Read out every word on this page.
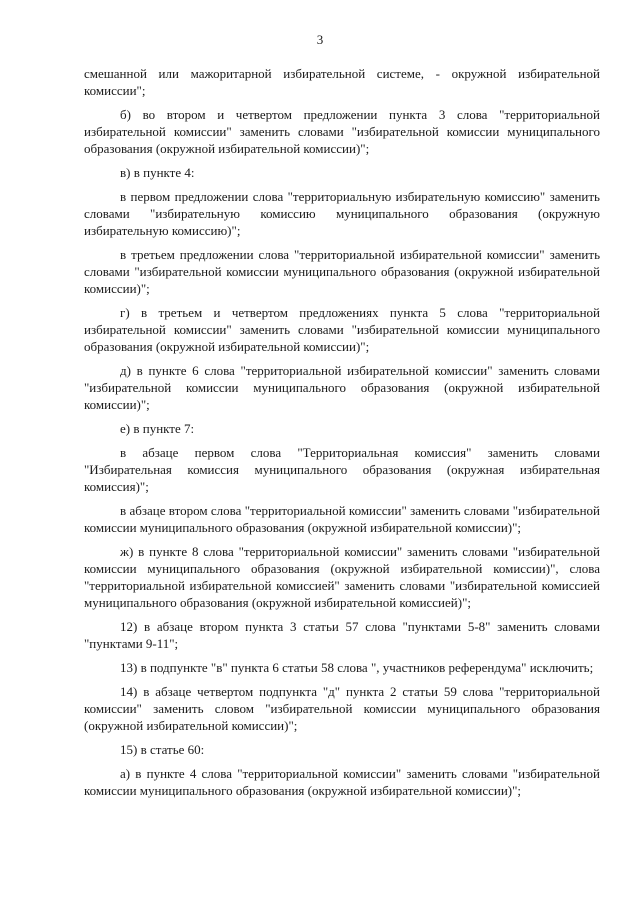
3

смешанной или мажоритарной избирательной системе, - окружной избирательной комиссии";

б) во втором и четвертом предложении пункта 3 слова "территориальной избирательной комиссии" заменить словами "избирательной комиссии муниципального образования (окружной избирательной комиссии)";

в) в пункте 4:

в первом предложении слова "территориальную избирательную комиссию" заменить словами "избирательную комиссию муниципального образования (окружную избирательную комиссию)";

в третьем предложении слова "территориальной избирательной комиссии" заменить словами "избирательной комиссии муниципального образования (окружной избирательной комиссии)";

г) в третьем и четвертом предложениях пункта 5 слова "территориальной избирательной комиссии" заменить словами "избирательной комиссии муниципального образования (окружной избирательной комиссии)";

д) в пункте 6 слова "территориальной избирательной комиссии" заменить словами "избирательной комиссии муниципального образования (окружной избирательной комиссии)";

е) в пункте 7:

в абзаце первом слова "Территориальная комиссия" заменить словами "Избирательная комиссия муниципального образования (окружная избирательная комиссия)";

в абзаце втором слова "территориальной комиссии" заменить словами "избирательной комиссии муниципального образования (окружной избирательной комиссии)";

ж) в пункте 8 слова "территориальной комиссии" заменить словами "избирательной комиссии муниципального образования (окружной избирательной комиссии)", слова "территориальной избирательной комиссией" заменить словами "избирательной комиссией муниципального образования (окружной избирательной комиссией)";

12) в абзаце втором пункта 3 статьи 57 слова "пунктами 5-8" заменить словами "пунктами 9-11";

13) в подпункте "в" пункта 6 статьи 58 слова ", участников референдума" исключить;

14) в абзаце четвертом подпункта "д" пункта 2 статьи 59 слова "территориальной комиссии" заменить словом "избирательной комиссии муниципального образования (окружной избирательной комиссии)";

15) в статье 60:

а) в пункте 4 слова "территориальной комиссии" заменить словами "избирательной комиссии муниципального образования (окружной избирательной комиссии)";
